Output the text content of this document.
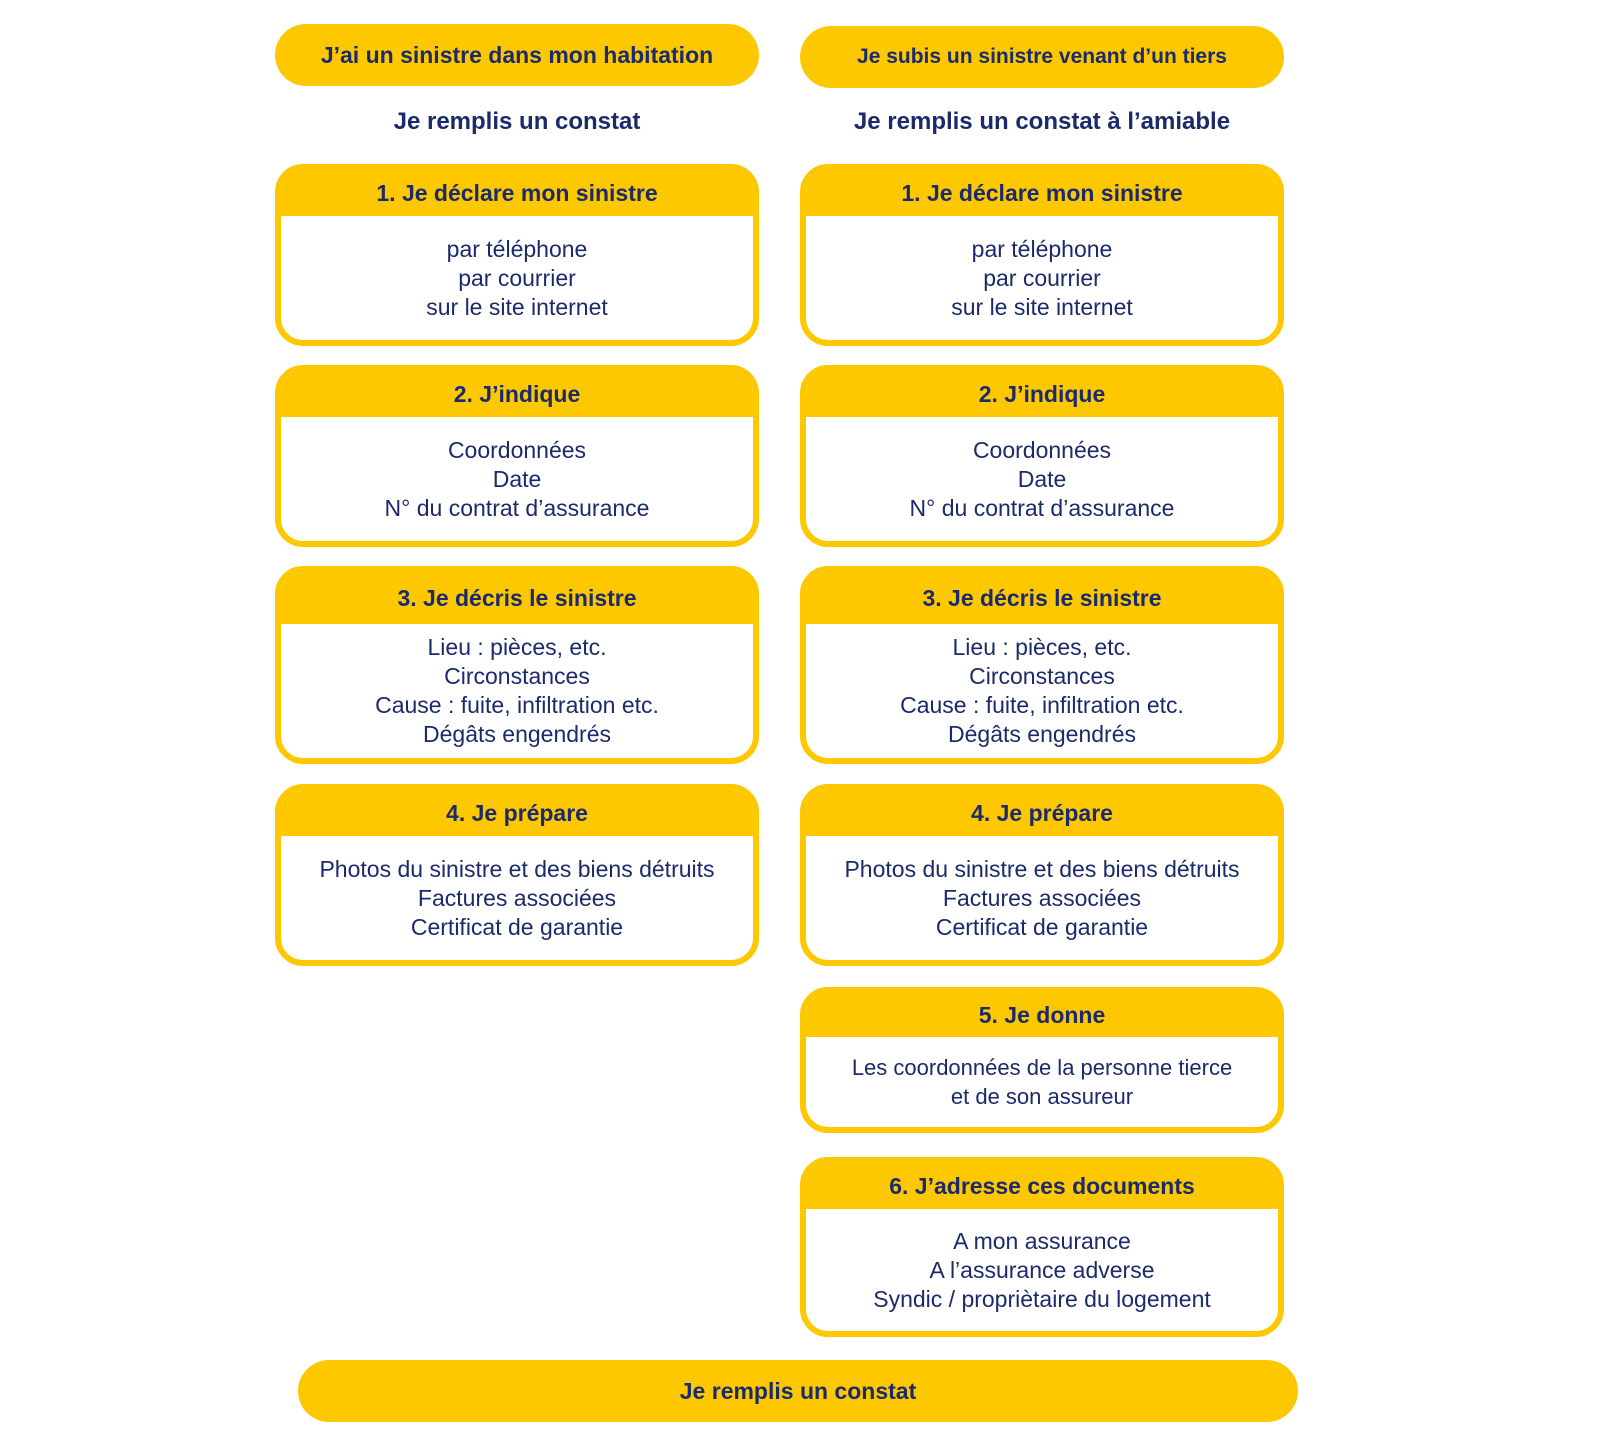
J’ai un sinistre dans mon habitation
Je remplis un constat
1. Je déclare mon sinistre
par téléphone
par courrier
sur le site internet
2. J’indique
Coordonnées
Date
N° du contrat d’assurance
3. Je décris le sinistre
Lieu : pièces, etc.
Circonstances
Cause : fuite, infiltration etc.
Dégâts engendrés
4. Je prépare
Photos du sinistre et des biens détruits
Factures associées
Certificat de garantie
Je subis un sinistre venant d’un tiers
Je remplis un constat à l’amiable
1. Je déclare mon sinistre
par téléphone
par courrier
sur le site internet
2. J’indique
Coordonnées
Date
N° du contrat d’assurance
3. Je décris le sinistre
Lieu : pièces, etc.
Circonstances
Cause : fuite, infiltration etc.
Dégâts engendrés
4. Je prépare
Photos du sinistre et des biens détruits
Factures associées
Certificat de garantie
5. Je donne
Les coordonnées de la personne tierce
et de son assureur
6. J’adresse ces documents
A mon assurance
A l’assurance adverse
Syndic / propriètaire du logement
Je remplis un constat
